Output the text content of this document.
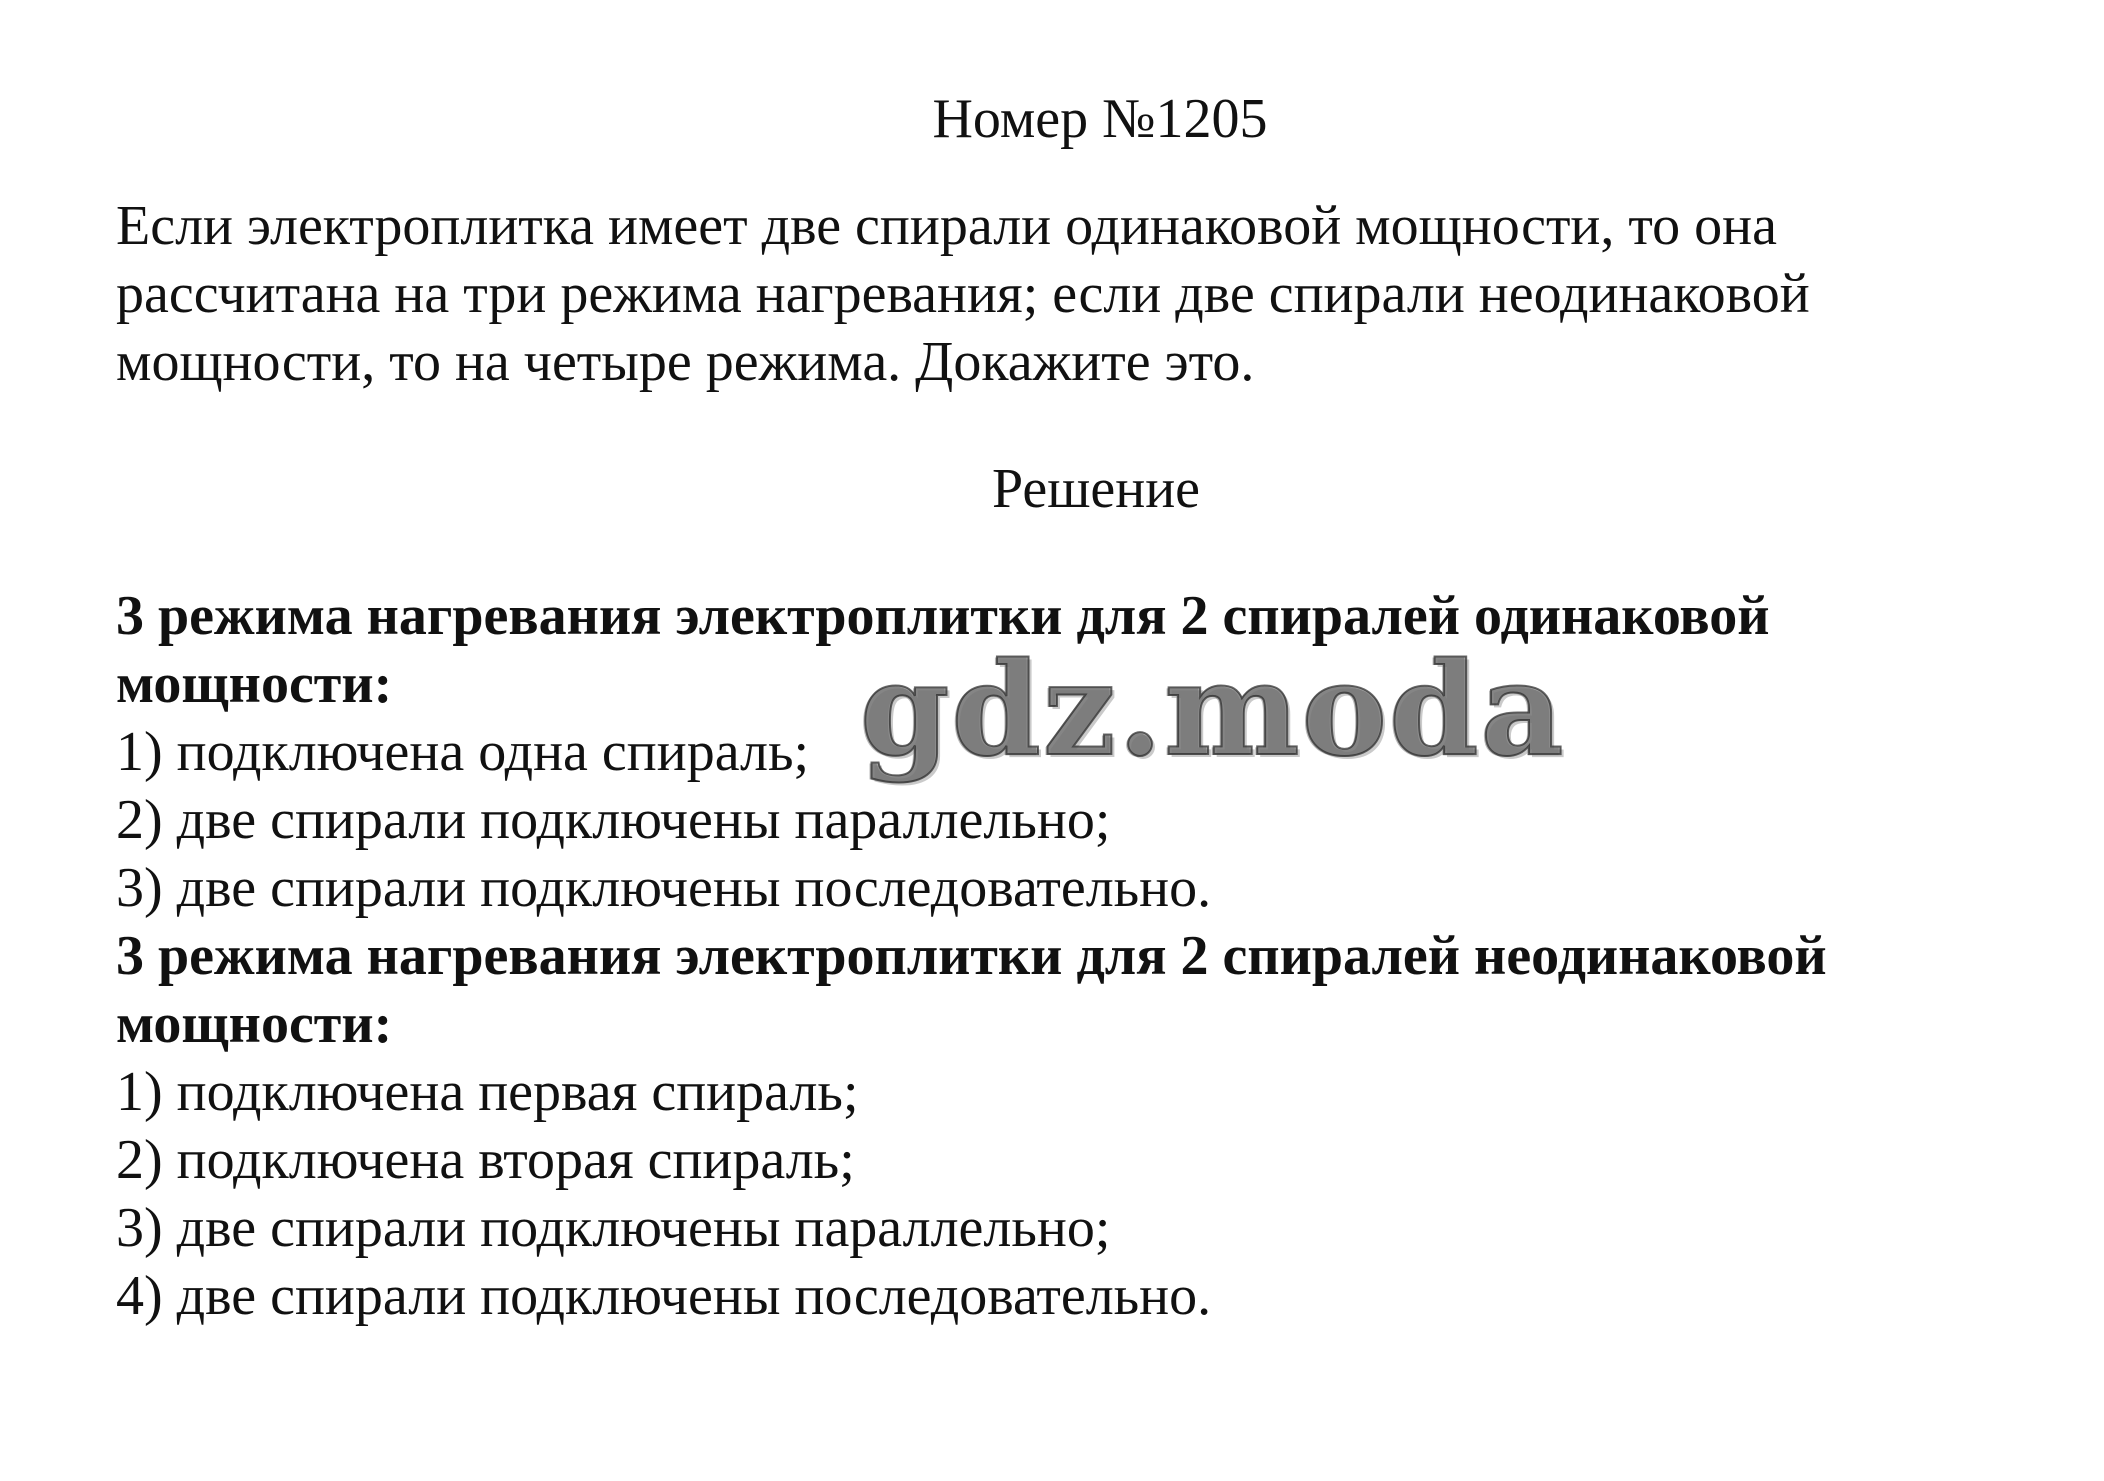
Номер №1205
Если электроплитка имеет две спирали одинаковой мощности, то она
рассчитана на три режима нагревания; если две спирали неодинаковой
мощности, то на четыре режима. Докажите это.
Решение
3 режима нагревания электроплитки для 2 спиралей одинаковой
мощности:
1) подключена одна спираль;
2) две спирали подключены параллельно;
3) две спирали подключены последовательно.
3 режима нагревания электроплитки для 2 спиралей неодинаковой
мощности:
1) подключена первая спираль;
2) подключена вторая спираль;
3) две спирали подключены параллельно;
4) две спирали подключены последовательно.
gdz.moda
